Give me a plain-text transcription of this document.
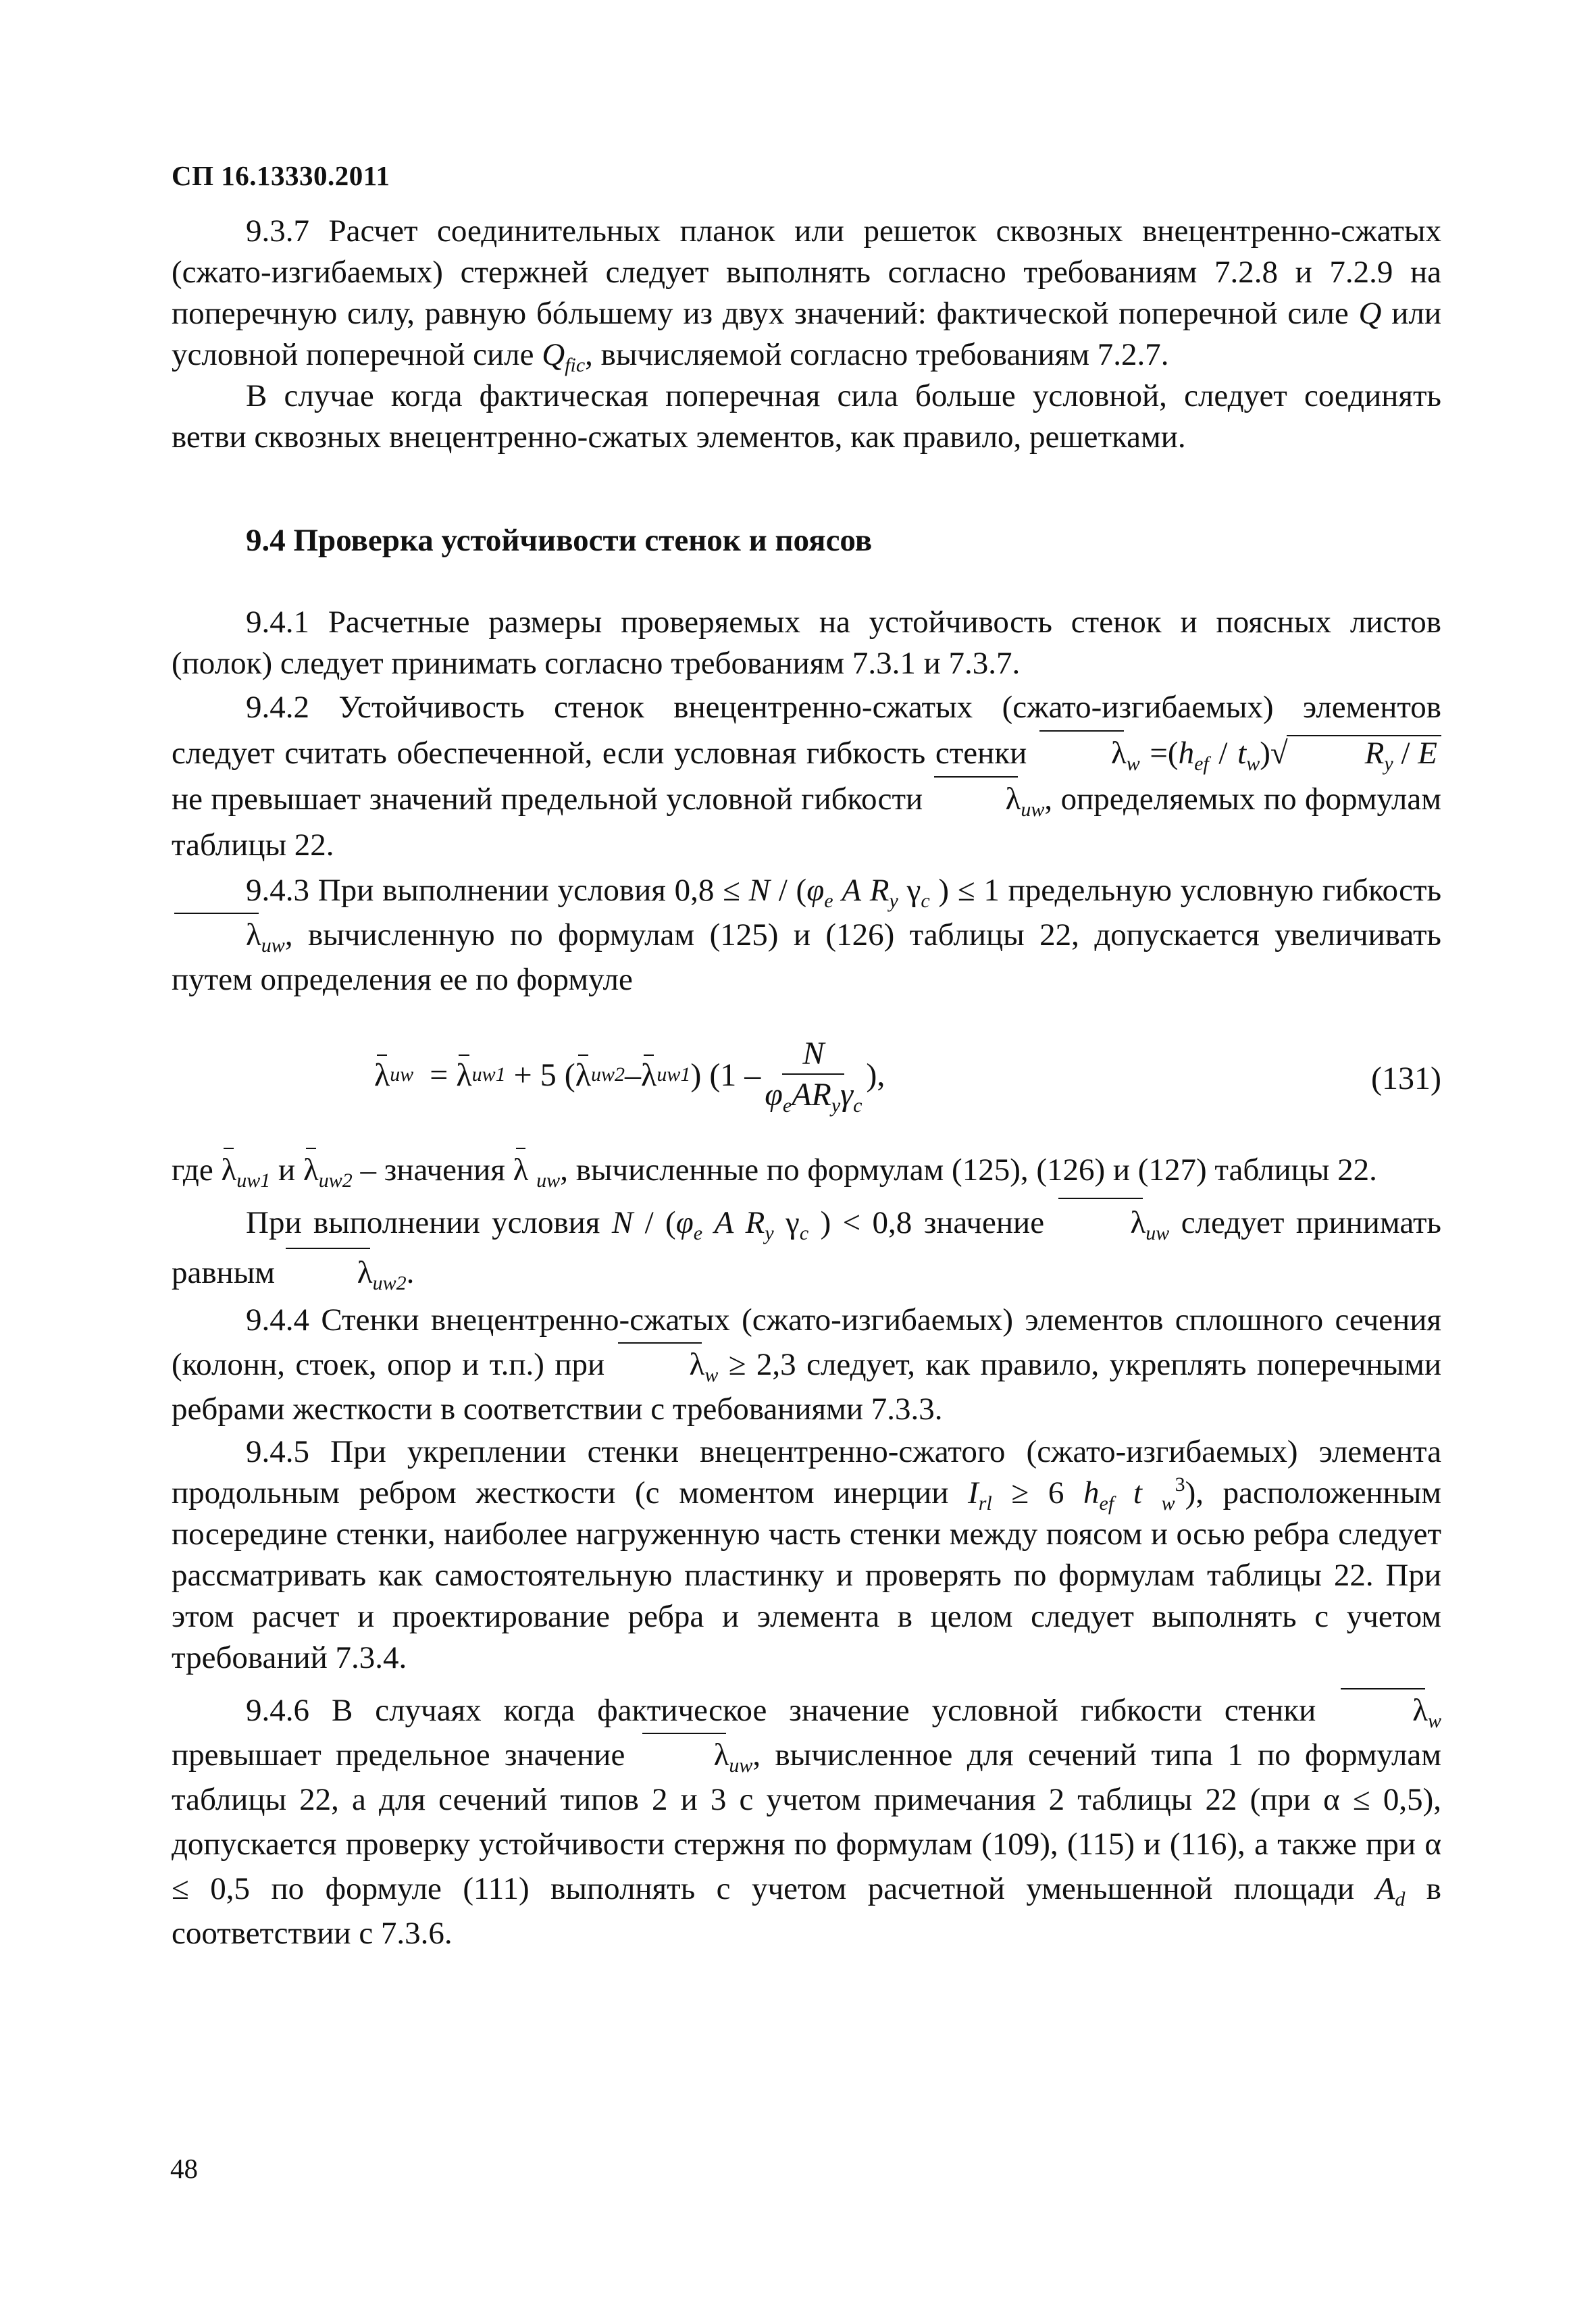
СП 16.13330.2011

9.3.7 Расчет соединительных планок или решеток сквозных внецентренно-сжатых (сжато-изгибаемых) стержней следует выполнять согласно требованиям 7.2.8 и 7.2.9 на поперечную силу, равную бóльшему из двух значений: фактической поперечной силе Q или условной поперечной силе $Q_{fic}$, вычисляемой согласно требованиям 7.2.7.

В случае когда фактическая поперечная сила больше условной, следует соединять ветви сквозных внецентренно-сжатых элементов, как правило, решетками.

9.4 Проверка устойчивости стенок и поясов

9.4.1 Расчетные размеры проверяемых на устойчивость стенок и поясных листов (полок) следует принимать согласно требованиям 7.3.1 и 7.3.7.

9.4.2 Устойчивость стенок внецентренно-сжатых (сжато-изгибаемых) элементов следует считать обеспеченной, если условная гибкость стенки $\lambda_w =(h_{ef} / t_w)√$ $R_y$ / E не превышает значений предельной условной гибкости $\lambda_{uw}$, определяемых по формулам таблицы 22.

9.4.3 При выполнении условия $0,8 \le N / (\varphi_e$ A $R_y$ $\gamma_c$ ) ≤ 1 предельную условную гибкость $\lambda_{uw}$, вычисленную по формулам (125) и (126) таблицы 22, допускается увеличивать путем определения ее по формуле

λ uw = λ uw1 + 5 ( λ uw2 – λ uw1 ) ($1 - \frac{N}{\varphi_eAR_y\gamma_c}$ ),	(131)

где $\lambda_{uw1}$ и $\lambda_{uw2}$ – значения λ $_{uw}$, вычисленные по формулам (125), (126) и (127) таблицы 22.

При выполнении условия N / ($\varphi_e$ A $R_y$ $\gamma_c$ ) < 0,8 значение $\lambda_{uw}$ следует принимать равным $\lambda_{uw2}$.

9.4.4 Стенки внецентренно-сжатых (сжато-изгибаемых) элементов сплошного сечения (колонн, стоек, опор и т.п.) при $\lambda_w \ge 2,3$ следует, как правило, укреплять поперечными ребрами жесткости в соответствии с требованиями 7.3.3.

9.4.5 При укреплении стенки внецентренно-сжатого (сжато-изгибаемых) элемента продольным ребром жесткости (с моментом инерции $I_{rl} \ge 6$ $h_{ef}$ t $_w^3$), расположенным посередине стенки, наиболее нагруженную часть стенки между поясом и осью ребра следует рассматривать как самостоятельную пластинку и проверять по формулам таблицы 22. При этом расчет и проектирование ребра и элемента в целом следует выполнять с учетом требований 7.3.4.

9.4.6 В случаях когда фактическое значение условной гибкости стенки $\lambda_w$ превышает предельное значение $\lambda_{uw}$, вычисленное для сечений типа 1 по формулам таблицы 22, а для сечений типов 2 и 3 с учетом примечания 2 таблицы 22 (при α ≤ 0,5), допускается проверку устойчивости стержня по формулам (109), (115) и (116), а также при α ≤ 0,5 по формуле (111) выполнять с учетом расчетной уменьшенной площади $A_d$ в соответствии с 7.3.6.

48
